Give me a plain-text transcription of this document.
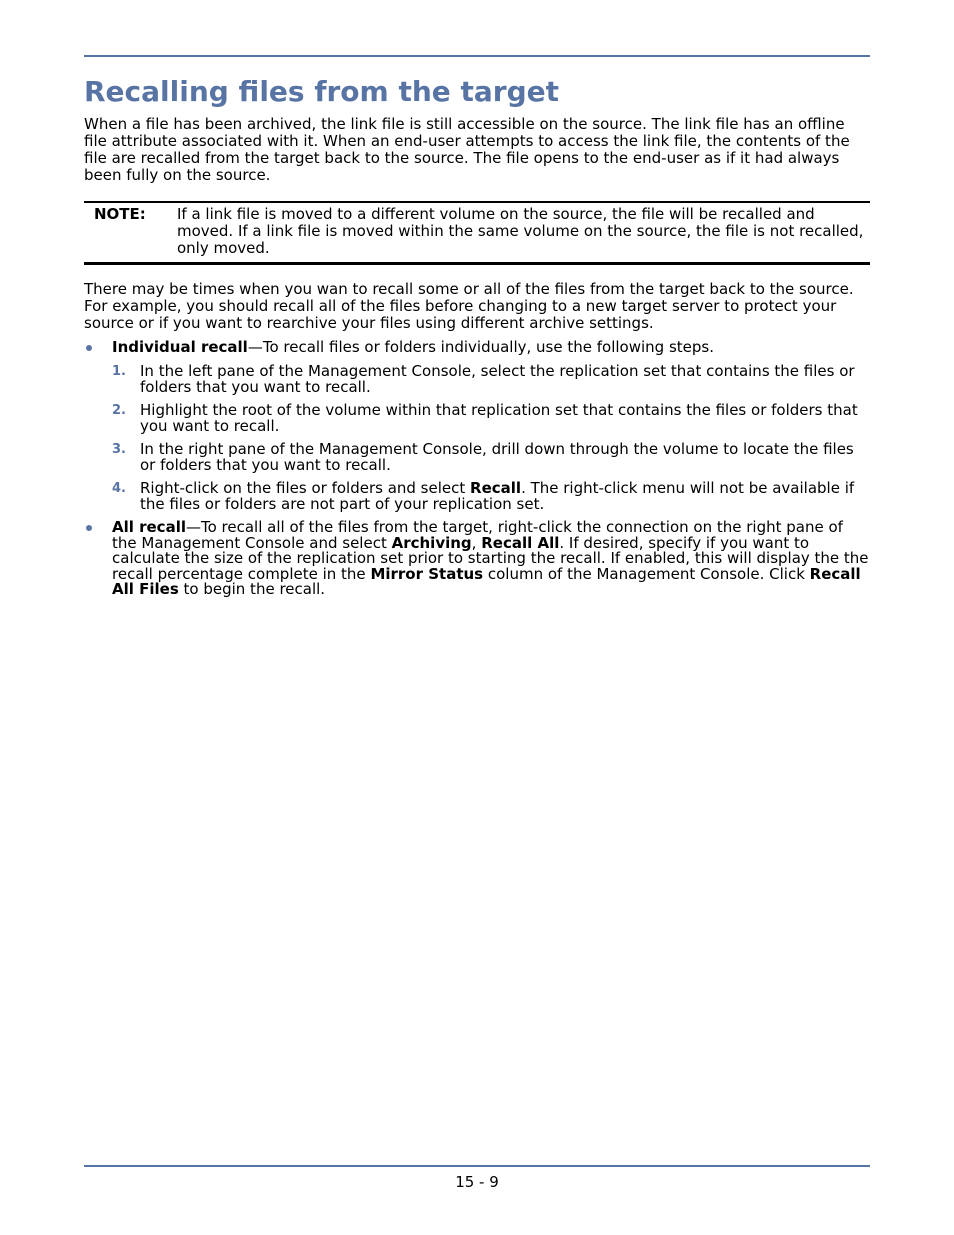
Recalling files from the target

When a file has been archived, the link file is still accessible on the source. The link file has an offline file attribute associated with it. When an end-user attempts to access the link file, the contents of the file are recalled from the target back to the source. The file opens to the end-user as if it had always been fully on the source.

NOTE: If a link file is moved to a different volume on the source, the file will be recalled and moved. If a link file is moved within the same volume on the source, the file is not recalled, only moved.

There may be times when you wan to recall some or all of the files from the target back to the source. For example, you should recall all of the files before changing to a new target server to protect your source or if you want to rearchive your files using different archive settings.

Individual recall—To recall files or folders individually, use the following steps.
1. In the left pane of the Management Console, select the replication set that contains the files or folders that you want to recall.
2. Highlight the root of the volume within that replication set that contains the files or folders that you want to recall.
3. In the right pane of the Management Console, drill down through the volume to locate the files or folders that you want to recall.
4. Right-click on the files or folders and select Recall. The right-click menu will not be available if the files or folders are not part of your replication set.
All recall—To recall all of the files from the target, right-click the connection on the right pane of the Management Console and select Archiving, Recall All. If desired, specify if you want to calculate the size of the replication set prior to starting the recall. If enabled, this will display the the recall percentage complete in the Mirror Status column of the Management Console. Click Recall All Files to begin the recall.
15 - 9
